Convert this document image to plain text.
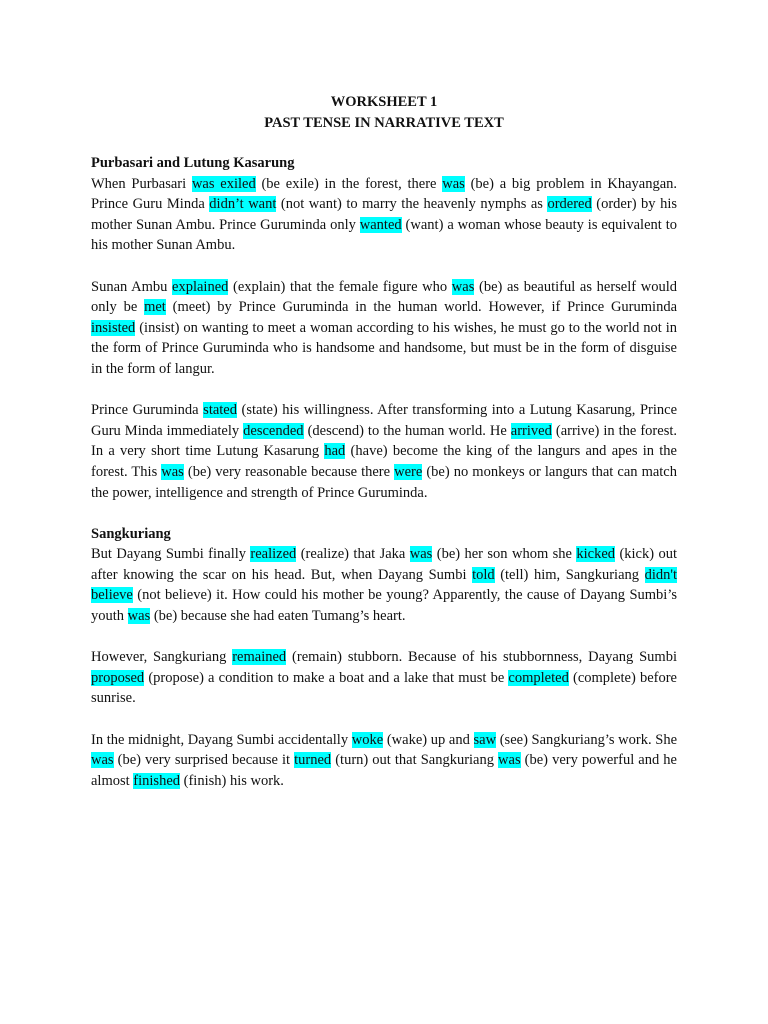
WORKSHEET 1
PAST TENSE IN NARRATIVE TEXT
Purbasari and Lutung Kasarung

When Purbasari was exiled (be exile) in the forest, there was (be) a big problem in Khayangan. Prince Guru Minda didn’t want (not want) to marry the heavenly nymphs as ordered (order) by his mother Sunan Ambu. Prince Guruminda only wanted (want) a woman whose beauty is equivalent to his mother Sunan Ambu.

Sunan Ambu explained (explain) that the female figure who was (be) as beautiful as herself would only be met (meet) by Prince Guruminda in the human world. However, if Prince Guruminda insisted (insist) on wanting to meet a woman according to his wishes, he must go to the world not in the form of Prince Guruminda who is handsome and handsome, but must be in the form of disguise in the form of langur.

Prince Guruminda stated (state) his willingness. After transforming into a Lutung Kasarung, Prince Guru Minda immediately descended (descend) to the human world. He arrived (arrive) in the forest. In a very short time Lutung Kasarung had (have) become the king of the langurs and apes in the forest. This was (be) very reasonable because there were (be) no monkeys or langurs that can match the power, intelligence and strength of Prince Guruminda.

Sangkuriang

But Dayang Sumbi finally realized (realize) that Jaka was (be) her son whom she kicked (kick) out after knowing the scar on his head. But, when Dayang Sumbi told (tell) him, Sangkuriang didn't believe (not believe) it. How could his mother be young? Apparently, the cause of Dayang Sumbi’s youth was (be) because she had eaten Tumang’s heart.

However, Sangkuriang remained (remain) stubborn. Because of his stubbornness, Dayang Sumbi proposed (propose) a condition to make a boat and a lake that must be completed (complete) before sunrise.

In the midnight, Dayang Sumbi accidentally woke (wake) up and saw (see) Sangkuriang’s work. She was (be) very surprised because it turned (turn) out that Sangkuriang was (be) very powerful and he almost finished (finish) his work.
